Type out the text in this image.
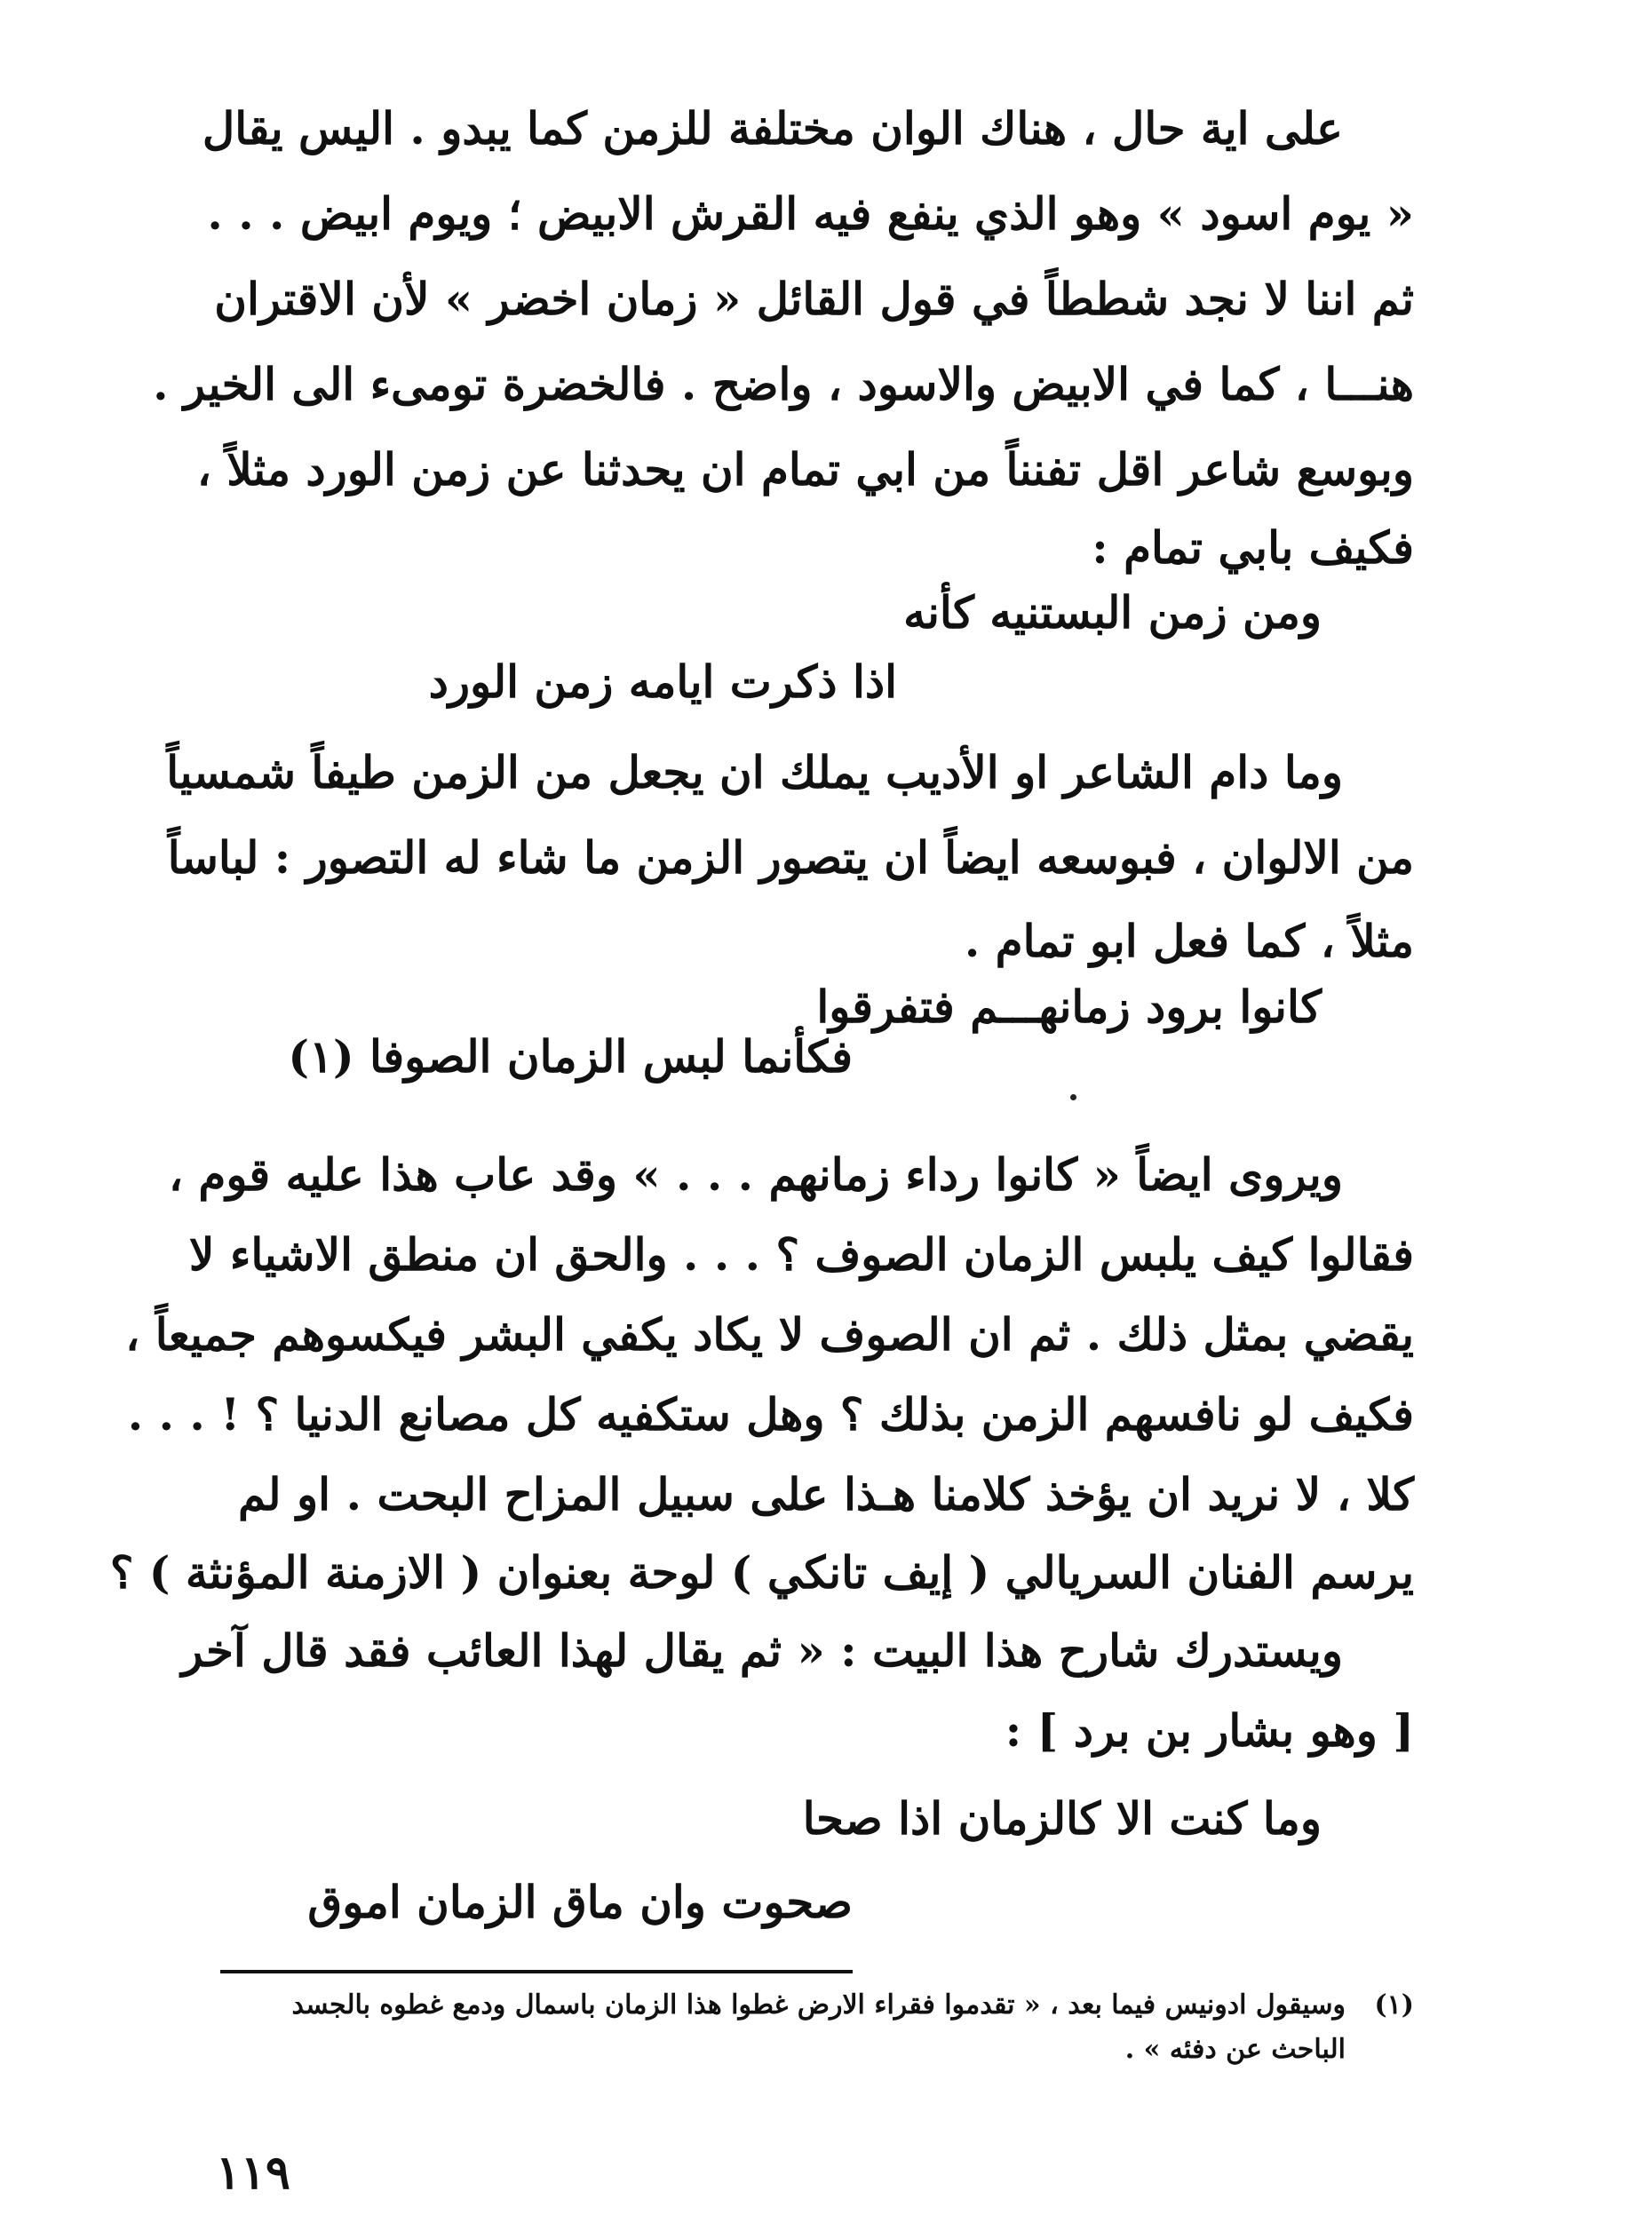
على اية حال ، هناك الوان مختلفة للزمن كما يبدو . اليس يقال
« يوم اسود » وهو الذي ينفع فيه القرش الابيض ؛ ويوم ابيض . . .
ثم اننا لا نجد شططاً في قول القائل « زمان اخضر » لأن الاقتران
هنـــا ، كما في الابيض والاسود ، واضح . فالخضرة تومىء الى الخير .
وبوسع شاعر اقل تفنناً من ابي تمام ان يحدثنا عن زمن الورد مثلاً ،
فكيف بابي تمام :
ومن زمن البستنيه كأنه
اذا ذكرت ايامه زمن الورد
وما دام الشاعر او الأديب يملك ان يجعل من الزمن طيفاً شمسياً
من الالوان ، فبوسعه ايضاً ان يتصور الزمن ما شاء له التصور : لباساً
مثلاً ، كما فعل ابو تمام .
كانوا برود زمانهـــم فتفرقوا
فكأنما لبس الزمان الصوفا (١)
ويروى ايضاً « كانوا رداء زمانهم . . . » وقد عاب هذا عليه قوم ،
فقالوا كيف يلبس الزمان الصوف ؟ . . . والحق ان منطق الاشياء لا
يقضي بمثل ذلك . ثم ان الصوف لا يكاد يكفي البشر فيكسوهم جميعاً ،
فكيف لو نافسهم الزمن بذلك ؟ وهل ستكفيه كل مصانع الدنيا ؟ ! . . .
كلا ، لا نريد ان يؤخذ كلامنا هـذا على سبيل المزاح البحت . او لم
يرسم الفنان السريالي ( إيف تانكي ) لوحة بعنوان ( الازمنة المؤنثة ) ؟
ويستدرك شارح هذا البيت : « ثم يقال لهذا العائب فقد قال آخر
[ وهو بشار بن برد ] :
وما كنت الا كالزمان اذا صحا
صحوت وان ماق الزمان اموق
(١)
وسيقول ادونيس فيما بعد ، « تقدموا فقراء الارض غطوا هذا الزمان باسمال ودمع غطوه بالجسد
الباحث عن دفئه » .
١١٩
